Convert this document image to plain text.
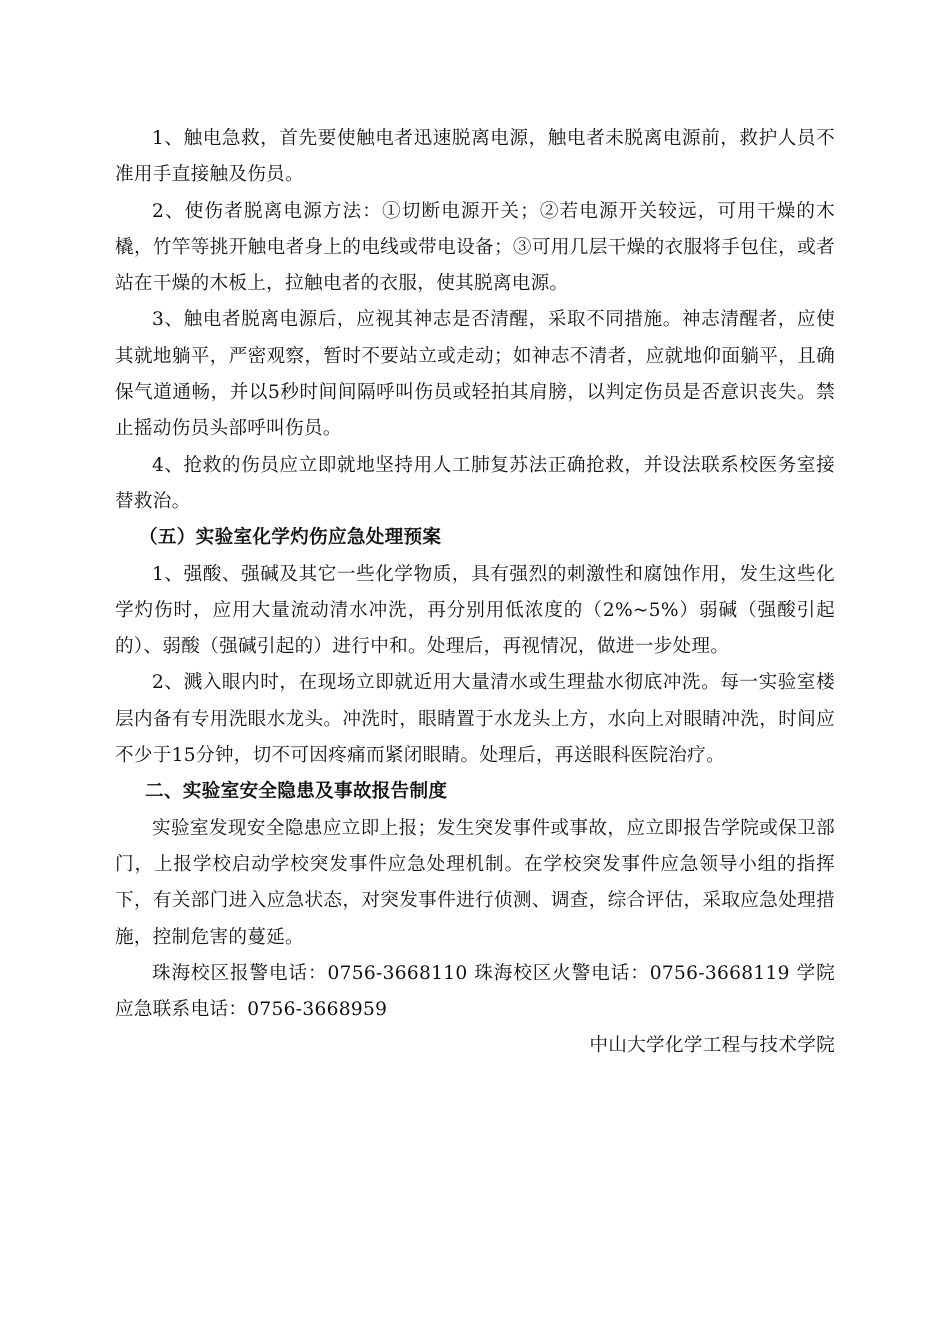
1、触电急救，首先要使触电者迅速脱离电源，触电者未脱离电源前，救护人员不准用手直接触及伤员。

2、使伤者脱离电源方法：①切断电源开关；②若电源开关较远，可用干燥的木橇，竹竿等挑开触电者身上的电线或带电设备；③可用几层干燥的衣服将手包住，或者站在干燥的木板上，拉触电者的衣服，使其脱离电源。

3、触电者脱离电源后，应视其神志是否清醒，采取不同措施。神志清醒者，应使其就地躺平，严密观察，暂时不要站立或走动；如神志不清者，应就地仰面躺平，且确保气道通畅，并以5秒时间间隔呼叫伤员或轻拍其肩膀，以判定伤员是否意识丧失。禁止摇动伤员头部呼叫伤员。

4、抢救的伤员应立即就地坚持用人工肺复苏法正确抢救，并设法联系校医务室接替救治。

（五）实验室化学灼伤应急处理预案

1、强酸、强碱及其它一些化学物质，具有强烈的刺激性和腐蚀作用，发生这些化学灼伤时，应用大量流动清水冲洗，再分别用低浓度的（2%~5%）弱碱（强酸引起的）、弱酸（强碱引起的）进行中和。处理后，再视情况，做进一步处理。

2、溅入眼内时，在现场立即就近用大量清水或生理盐水彻底冲洗。每一实验室楼层内备有专用洗眼水龙头。冲洗时，眼睛置于水龙头上方，水向上对眼睛冲洗，时间应不少于15分钟，切不可因疼痛而紧闭眼睛。处理后，再送眼科医院治疗。

二、实验室安全隐患及事故报告制度

实验室发现安全隐患应立即上报；发生突发事件或事故，应立即报告学院或保卫部门，上报学校启动学校突发事件应急处理机制。在学校突发事件应急领导小组的指挥下，有关部门进入应急状态，对突发事件进行侦测、调查，综合评估，采取应急处理措施，控制危害的蔓延。

珠海校区报警电话：0756-3668110 珠海校区火警电话：0756-3668119 学院应急联系电话：0756-3668959

中山大学化学工程与技术学院
